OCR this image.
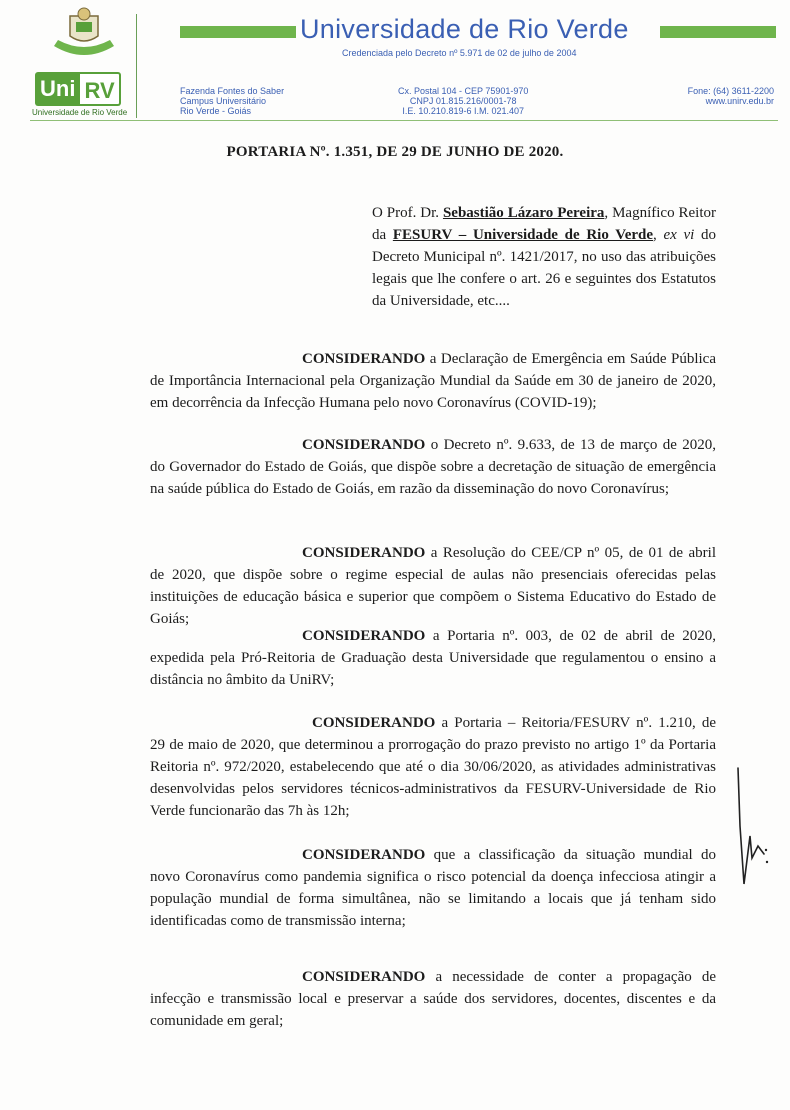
Uni RV
Universidade de Rio Verde
Universidade de Rio Verde
Credenciada pelo Decreto nº 5.971 de 02 de julho de 2004
Fazenda Fontes do Saber
Campus Universitário
Rio Verde - Goiás
Cx. Postal 104 - CEP 75901-970
CNPJ 01.815.216/0001-78
I.E. 10.210.819-6 I.M. 021.407
Fone: (64) 3611-2200
www.unirv.edu.br
PORTARIA Nº. 1.351, DE 29 DE JUNHO DE 2020.
O Prof. Dr. Sebastião Lázaro Pereira, Magnífico Reitor da FESURV – Universidade de Rio Verde, ex vi do Decreto Municipal nº. 1421/2017, no uso das atribuições legais que lhe confere o art. 26 e seguintes dos Estatutos da Universidade, etc....
CONSIDERANDO a Declaração de Emergência em Saúde Pública de Importância Internacional pela Organização Mundial da Saúde em 30 de janeiro de 2020, em decorrência da Infecção Humana pelo novo Coronavírus (COVID-19);
CONSIDERANDO o Decreto nº. 9.633, de 13 de março de 2020, do Governador do Estado de Goiás, que dispõe sobre a decretação de situação de emergência na saúde pública do Estado de Goiás, em razão da disseminação do novo Coronavírus;
CONSIDERANDO a Resolução do CEE/CP nº 05, de 01 de abril de 2020, que dispõe sobre o regime especial de aulas não presenciais oferecidas pelas instituições de educação básica e superior que compõem o Sistema Educativo do Estado de Goiás;
CONSIDERANDO a Portaria nº. 003, de 02 de abril de 2020, expedida pela Pró-Reitoria de Graduação desta Universidade que regulamentou o ensino a distância no âmbito da UniRV;
CONSIDERANDO a Portaria – Reitoria/FESURV nº. 1.210, de 29 de maio de 2020, que determinou a prorrogação do prazo previsto no artigo 1º da Portaria Reitoria nº. 972/2020, estabelecendo que até o dia 30/06/2020, as atividades administrativas desenvolvidas pelos servidores técnicos-administrativos da FESURV-Universidade de Rio Verde funcionarão das 7h às 12h;
CONSIDERANDO que a classificação da situação mundial do novo Coronavírus como pandemia significa o risco potencial da doença infecciosa atingir a população mundial de forma simultânea, não se limitando a locais que já tenham sido identificadas como de transmissão interna;
CONSIDERANDO a necessidade de conter a propagação de infecção e transmissão local e preservar a saúde dos servidores, docentes, discentes e da comunidade em geral;
